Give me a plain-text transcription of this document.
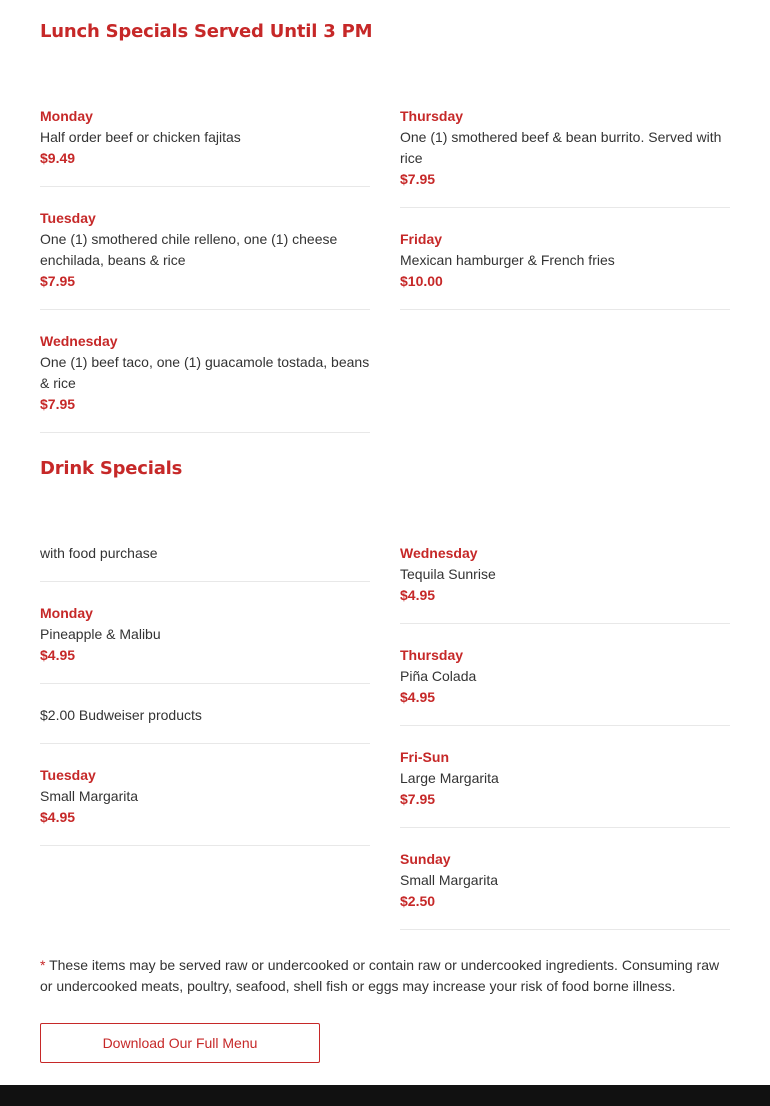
Lunch Specials Served Until 3 PM
Monday
Half order beef or chicken fajitas
$9.49
Tuesday
One (1) smothered chile relleno, one (1) cheese enchilada, beans & rice
$7.95
Wednesday
One (1) beef taco, one (1) guacamole tostada, beans & rice
$7.95
Thursday
One (1) smothered beef & bean burrito. Served with rice
$7.95
Friday
Mexican hamburger & French fries
$10.00
Drink Specials
with food purchase
Monday
Pineapple & Malibu
$4.95
$2.00 Budweiser products
Tuesday
Small Margarita
$4.95
Wednesday
Tequila Sunrise
$4.95
Thursday
Piña Colada
$4.95
Fri-Sun
Large Margarita
$7.95
Sunday
Small Margarita
$2.50

* These items may be served raw or undercooked or contain raw or undercooked ingredients. Consuming raw or undercooked meats, poultry, seafood, shell fish or eggs may increase your risk of food borne illness.

Download Our Full Menu
